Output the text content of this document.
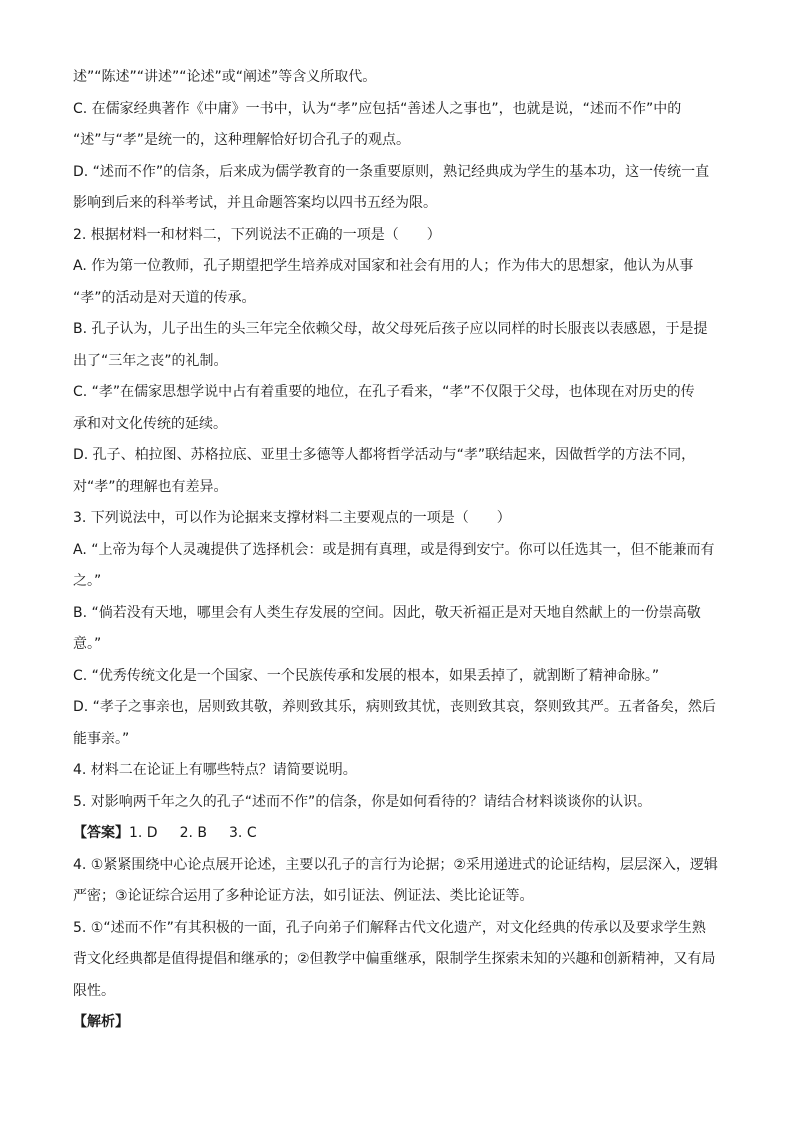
述”“陈述”“讲述”“论述”或“阐述”等含义所取代。
C. 在儒家经典著作《中庸》一书中，认为“孝”应包括“善述人之事也”，也就是说，“述而不作”中的
“述”与“孝”是统一的，这种理解恰好切合孔子的观点。
D. “述而不作”的信条，后来成为儒学教育的一条重要原则，熟记经典成为学生的基本功，这一传统一直
影响到后来的科举考试，并且命题答案均以四书五经为限。
2. 根据材料一和材料二，下列说法不正确的一项是（　　）
A. 作为第一位教师，孔子期望把学生培养成对国家和社会有用的人；作为伟大的思想家，他认为从事
“孝”的活动是对天道的传承。
B. 孔子认为，儿子出生的头三年完全依赖父母，故父母死后孩子应以同样的时长服丧以表感恩，于是提
出了“三年之丧”的礼制。
C. “孝”在儒家思想学说中占有着重要的地位，在孔子看来，“孝”不仅限于父母，也体现在对历史的传
承和对文化传统的延续。
D. 孔子、柏拉图、苏格拉底、亚里士多德等人都将哲学活动与“孝”联结起来，因做哲学的方法不同，
对“孝”的理解也有差异。
3. 下列说法中，可以作为论据来支撑材料二主要观点的一项是（　　）
A. “上帝为每个人灵魂提供了选择机会：或是拥有真理，或是得到安宁。你可以任选其一，但不能兼而有
之。”
B. “倘若没有天地，哪里会有人类生存发展的空间。因此，敬天祈福正是对天地自然献上的一份崇高敬
意。”
C. “优秀传统文化是一个国家、一个民族传承和发展的根本，如果丢掉了，就割断了精神命脉。”
D. “孝子之事亲也，居则致其敬，养则致其乐，病则致其忧，丧则致其哀，祭则致其严。五者备矣，然后
能事亲。”
4. 材料二在论证上有哪些特点？请简要说明。
5. 对影响两千年之久的孔子“述而不作”的信条，你是如何看待的？请结合材料谈谈你的认识。
【答案】1. D 2. B 3. C
4. ①紧紧围绕中心论点展开论述，主要以孔子的言行为论据；②采用递进式的论证结构，层层深入，逻辑
严密；③论证综合运用了多种论证方法，如引证法、例证法、类比论证等。
5. ①“述而不作”有其积极的一面，孔子向弟子们解释古代文化遗产，对文化经典的传承以及要求学生熟
背文化经典都是值得提倡和继承的；②但教学中偏重继承，限制学生探索未知的兴趣和创新精神，又有局
限性。
【解析】
